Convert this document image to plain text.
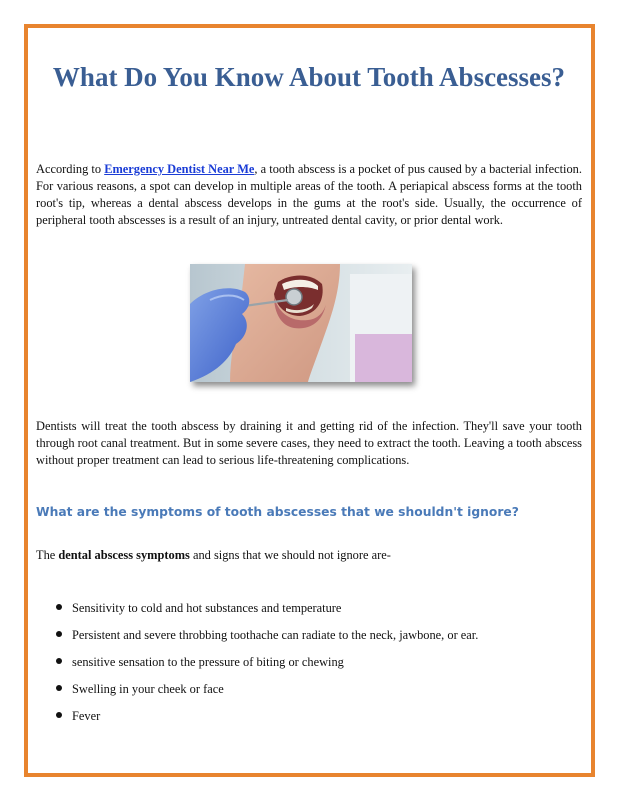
What Do You Know About Tooth Abscesses?

According to Emergency Dentist Near Me, a tooth abscess is a pocket of pus caused by a bacterial infection. For various reasons, a spot can develop in multiple areas of the tooth. A periapical abscess forms at the tooth root's tip, whereas a dental abscess develops in the gums at the root's side. Usually, the occurrence of peripheral tooth abscesses is a result of an injury, untreated dental cavity, or prior dental work.

Dentists will treat the tooth abscess by draining it and getting rid of the infection. They'll save your tooth through root canal treatment. But in some severe cases, they need to extract the tooth. Leaving a tooth abscess without proper treatment can lead to serious life-threatening complications.

What are the symptoms of tooth abscesses that we shouldn't ignore?

The dental abscess symptoms and signs that we should not ignore are-

Sensitivity to cold and hot substances and temperature
Persistent and severe throbbing toothache can radiate to the neck, jawbone, or ear.
sensitive sensation to the pressure of biting or chewing
Swelling in your cheek or face
Fever
